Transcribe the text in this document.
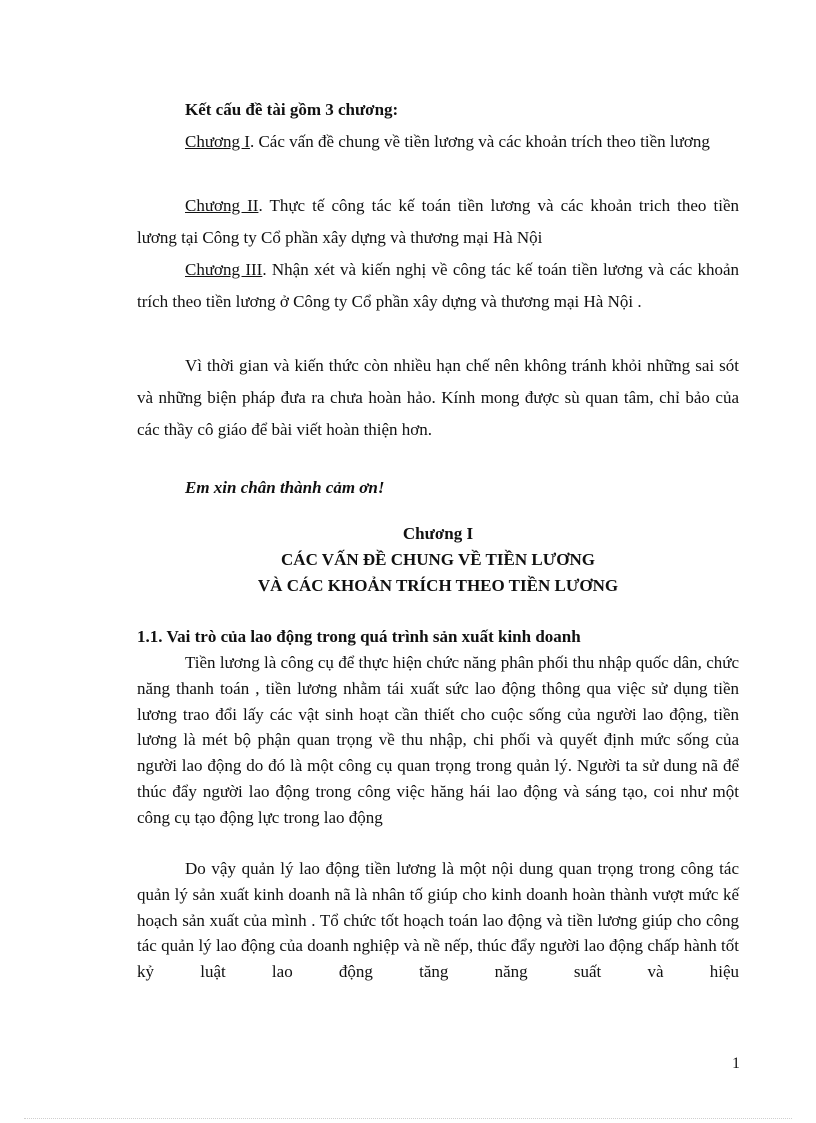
Kết cấu đề tài gồm 3 chương:
Chương I. Các vấn đề chung về tiền lương và các khoản trích theo tiền lương
Chương II. Thực tế công tác kế toán tiền lương và các khoản trich theo tiền lương tại Công ty Cổ phần xây dựng và thương mại Hà Nội
Chương III. Nhận xét và kiến nghị về công tác kế toán tiền lương và các khoản trích theo tiền lương ở Công ty Cổ phần xây dựng và thương mại Hà Nội .
Vì thời gian và kiến thức còn nhiều hạn chế nên không tránh khỏi những sai sót và những biện pháp đưa ra chưa hoàn hảo. Kính mong được sù quan tâm, chỉ bảo của các thầy cô giáo để bài viết hoàn thiện hơn.
Em xin chân thành cảm ơn!
Chương I
CÁC VẤN ĐỀ CHUNG VỀ TIỀN LƯƠNG
VÀ CÁC KHOẢN TRÍCH THEO TIỀN LƯƠNG
1.1. Vai trò của lao động trong quá trình sản xuất kinh doanh
Tiền lương là công cụ để thực hiện chức năng phân phối thu nhập quốc dân, chức năng thanh toán , tiền lương nhằm tái xuất sức lao động thông qua việc sử dụng tiền lương trao đổi lấy các vật sinh hoạt cần thiết cho cuộc sống của người lao động, tiền lương là mét bộ phận quan trọng về thu nhập, chi phối và quyết định mức sống của người lao động do đó là một công cụ quan trọng trong quản lý. Người ta sử dung nã để thúc đẩy người lao động trong công việc hăng hái lao động và sáng tạo, coi như một công cụ tạo động lực trong lao động
Do vậy quản lý lao động tiền lương là một nội dung quan trọng trong công tác quản lý sản xuất kinh doanh nã là nhân tố giúp cho kinh doanh hoàn thành vượt mức kế hoạch sản xuất của mình . Tổ chức tốt hoạch toán lao động và tiền lương giúp cho công tác quản lý lao động của doanh nghiệp và nề nếp, thúc đẩy người lao động chấp hành tốt kỷ luật lao động tăng năng suất và hiệu
1
